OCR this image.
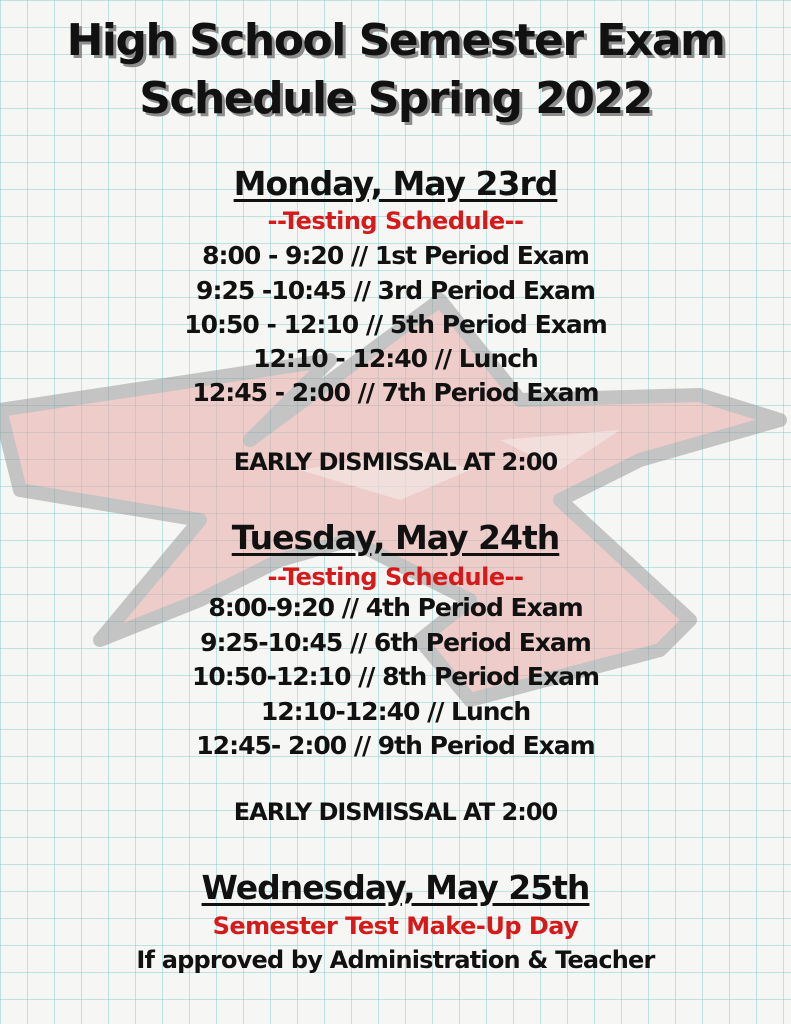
High School Semester Exam
Schedule Spring 2022
Monday, May 23rd
--Testing Schedule--
8:00 - 9:20 // 1st Period Exam
9:25 -10:45 // 3rd Period Exam
10:50 - 12:10 // 5th Period Exam
12:10 - 12:40 // Lunch
12:45 - 2:00 // 7th Period Exam
EARLY DISMISSAL AT 2:00
Tuesday, May 24th
--Testing Schedule--
8:00-9:20 // 4th Period Exam
9:25-10:45 // 6th Period Exam
10:50-12:10 // 8th Period Exam
12:10-12:40 // Lunch
12:45- 2:00 // 9th Period Exam
EARLY DISMISSAL AT 2:00
Wednesday, May 25th
Semester Test Make-Up Day
If approved by Administration & Teacher
